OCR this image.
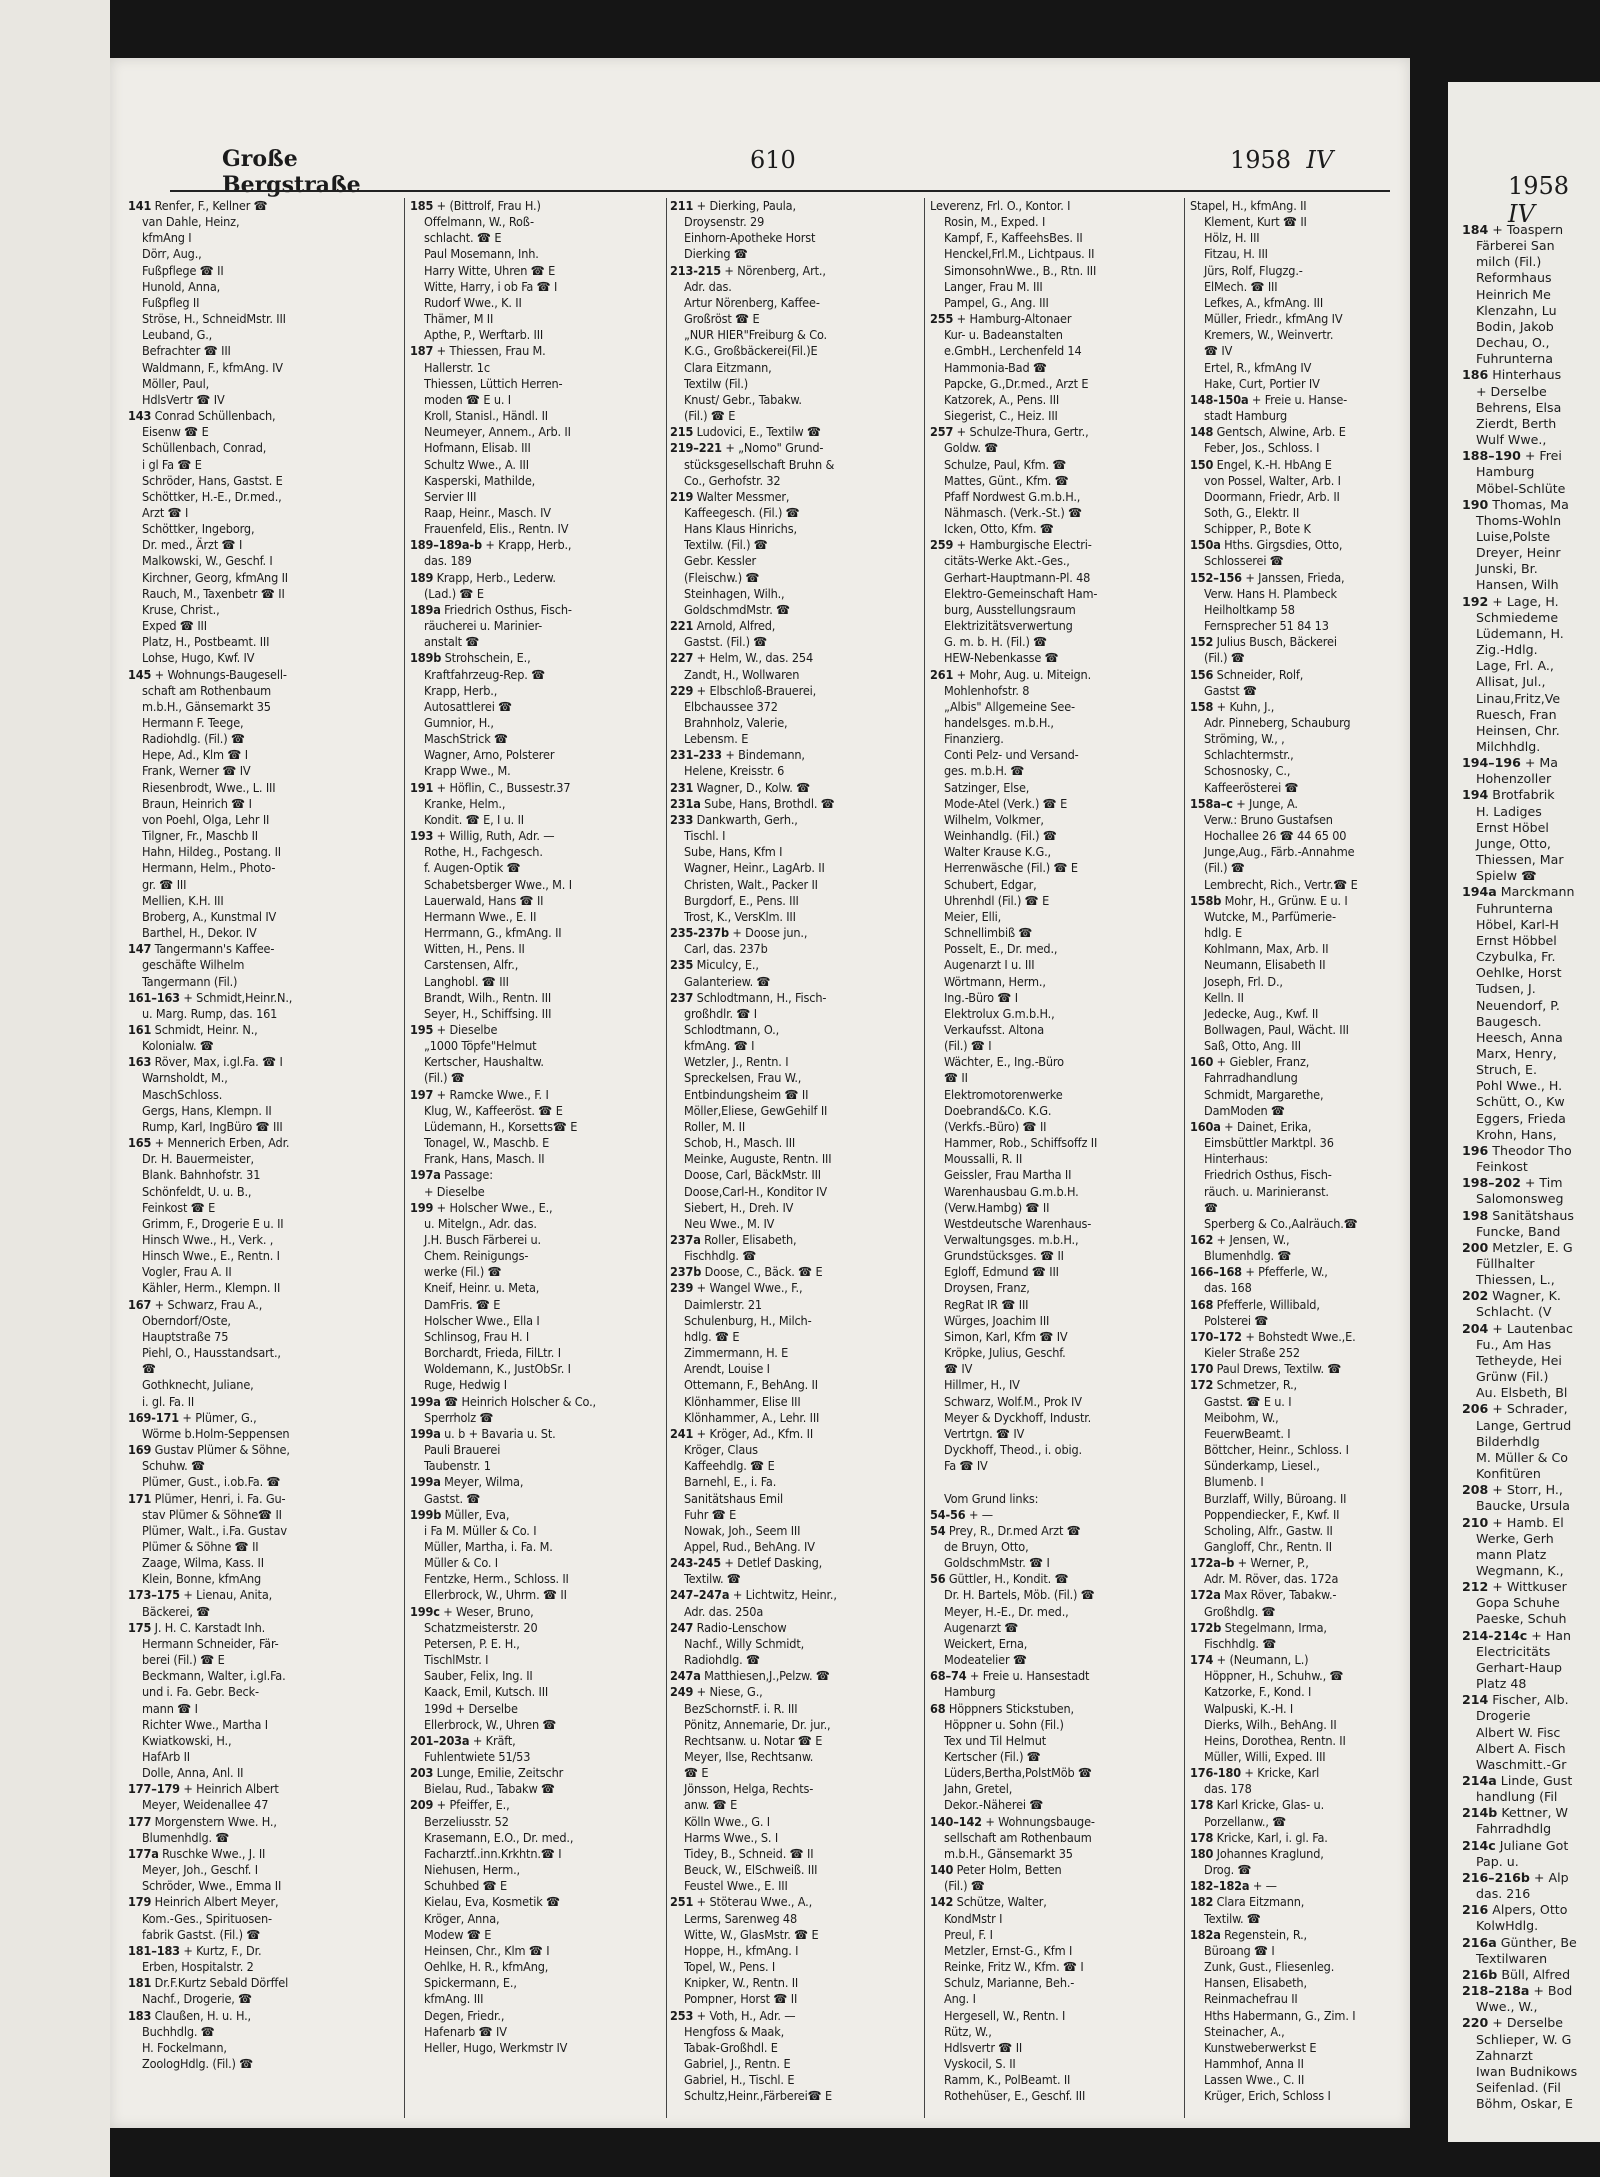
Große Bergstraße
610	1958 IV
141 Renfer, F., Kellner ☎
van Dahle, Heinz,
kfmAng I
Dörr, Aug.,
Fußpflege ☎ II
Hunold, Anna,
Fußpfleg II
Ströse, H., SchneidMstr. III
Leuband, G.,
Befrachter ☎ III
Waldmann, F., kfmAng. IV
Möller, Paul,
HdlsVertr ☎ IV
143 Conrad Schüllenbach,
Eisenw ☎ E
Schüllenbach, Conrad,
i gl Fa ☎ E
Schröder, Hans, Gastst. E
Schöttker, H.-E., Dr.med.,
Arzt ☎ I
Schöttker, Ingeborg,
Dr. med., Ärzt ☎ I
Malkowski, W., Geschf. I
Kirchner, Georg, kfmAng II
Rauch, M., Taxenbetr ☎ II
Kruse, Christ.,
Exped ☎ III
Platz, H., Postbeamt. III
Lohse, Hugo, Kwf. IV
145 + Wohnungs-Baugesell-
schaft am Rothenbaum
m.b.H., Gänsemarkt 35
Hermann F. Teege,
Radiohdlg. (Fil.) ☎
Hepe, Ad., Klm ☎ I
Frank, Werner ☎ IV
Riesenbrodt, Wwe., L. III
Braun, Heinrich ☎ I
von Poehl, Olga, Lehr II
Tilgner, Fr., Maschb II
Hahn, Hildeg., Postang. II
Hermann, Helm., Photo-
gr. ☎ III
Mellien, K.H. III
Broberg, A., Kunstmal IV
Barthel, H., Dekor. IV
147 Tangermann's Kaffee-
geschäfte Wilhelm
Tangermann (Fil.)
161–163 + Schmidt,Heinr.N.,
u. Marg. Rump, das. 161
161 Schmidt, Heinr. N.,
Kolonialw. ☎
163 Röver, Max, i.gl.Fa. ☎ I
Warnsholdt, M.,
MaschSchloss.
Gergs, Hans, Klempn. II
Rump, Karl, IngBüro ☎ III
165 + Mennerich Erben, Adr.
Dr. H. Bauermeister,
Blank. Bahnhofstr. 31
Schönfeldt, U. u. B.,
Feinkost ☎ E
Grimm, F., Drogerie E u. II
Hinsch Wwe., H., Verk. ,
Hinsch Wwe., E., Rentn. I
Vogler, Frau A. II
Kähler, Herm., Klempn. II
167 + Schwarz, Frau A.,
Oberndorf/Oste,
Hauptstraße 75
Piehl, O., Hausstandsart.,
☎
Gothknecht, Juliane,
i. gl. Fa. II
169-171 + Plümer, G.,
Wörme b.Holm-Seppensen
169 Gustav Plümer & Söhne,
Schuhw. ☎
Plümer, Gust., i.ob.Fa. ☎
171 Plümer, Henri, i. Fa. Gu-
stav Plümer & Söhne☎ II
Plümer, Walt., i.Fa. Gustav
Plümer & Söhne ☎ II
Zaage, Wilma, Kass. II
Klein, Bonne, kfmAng
173–175 + Lienau, Anita,
Bäckerei, ☎
175 J. H. C. Karstadt Inh.
Hermann Schneider, Fär-
berei (Fil.) ☎ E
Beckmann, Walter, i.gl.Fa.
und i. Fa. Gebr. Beck-
mann ☎ I
Richter Wwe., Martha I
Kwiatkowski, H.,
HafArb II
Dolle, Anna, Anl. II
177–179 + Heinrich Albert
Meyer, Weidenallee 47
177 Morgenstern Wwe. H.,
Blumenhdlg. ☎
177a Ruschke Wwe., J. II
Meyer, Joh., Geschf. I
Schröder, Wwe., Emma II
179 Heinrich Albert Meyer,
Kom.-Ges., Spirituosen-
fabrik Gastst. (Fil.) ☎
181–183 + Kurtz, F., Dr.
Erben, Hospitalstr. 2
181 Dr.F.Kurtz Sebald Dörffel
Nachf., Drogerie, ☎
183 Claußen, H. u. H.,
Buchhdlg. ☎
H. Fockelmann,
ZoologHdlg. (Fil.) ☎
185 + (Bittrolf, Frau H.)
Offelmann, W., Roß-
schlacht. ☎ E
Paul Mosemann, Inh.
Harry Witte, Uhren ☎ E
Witte, Harry, i ob Fa ☎ I
Rudorf Wwe., K. II
Thämer, M II
Apthe, P., Werftarb. III
187 + Thiessen, Frau M.
Hallerstr. 1c
Thiessen, Lüttich Herren-
moden ☎ E u. I
Kroll, Stanisl., Händl. II
Neumeyer, Annem., Arb. II
Hofmann, Elisab. III
Schultz Wwe., A. III
Kasperski, Mathilde,
Servier III
Raap, Heinr., Masch. IV
Frauenfeld, Elis., Rentn. IV
189–189a-b + Krapp, Herb.,
das. 189
189 Krapp, Herb., Lederw.
(Lad.) ☎ E
189a Friedrich Osthus, Fisch-
räucherei u. Marinier-
anstalt ☎
189b Strohschein, E.,
Kraftfahrzeug-Rep. ☎
Krapp, Herb.,
Autosattlerei ☎
Gumnior, H.,
MaschStrick ☎
Wagner, Arno, Polsterer
Krapp Wwe., M.
191 + Höflin, C., Bussestr.37
Kranke, Helm.,
Kondit. ☎ E, I u. II
193 + Willig, Ruth, Adr. —
Rothe, H., Fachgesch.
f. Augen-Optik ☎
Schabetsberger Wwe., M. I
Lauerwald, Hans ☎ II
Hermann Wwe., E. II
Herrmann, G., kfmAng. II
Witten, H., Pens. II
Carstensen, Alfr.,
Langhobl. ☎ III
Brandt, Wilh., Rentn. III
Seyer, H., Schiffsing. III
195 + Dieselbe
„1000 Töpfe"Helmut
Kertscher, Haushaltw.
(Fil.) ☎
197 + Ramcke Wwe., F. I
Klug, W., Kaffeeröst. ☎ E
Lüdemann, H., Korsetts☎ E
Tonagel, W., Maschb. E
Frank, Hans, Masch. II
197a Passage:
+ Dieselbe
199 + Holscher Wwe., E.,
u. Mitelgn., Adr. das.
J.H. Busch Färberei u.
Chem. Reinigungs-
werke (Fil.) ☎
Kneif, Heinr. u. Meta,
DamFris. ☎ E
Holscher Wwe., Ella I
Schlinsog, Frau H. I
Borchardt, Frieda, FilLtr. I
Woldemann, K., JustObSr. I
Ruge, Hedwig I
199a ☎ Heinrich Holscher & Co.,
Sperrholz ☎
199a u. b + Bavaria u. St.
Pauli Brauerei
Taubenstr. 1
199a Meyer, Wilma,
Gastst. ☎
199b Müller, Eva,
i Fa M. Müller & Co. I
Müller, Martha, i. Fa. M.
Müller & Co. I
Fentzke, Herm., Schloss. II
Ellerbrock, W., Uhrm. ☎ II
199c + Weser, Bruno,
Schatzmeisterstr. 20
Petersen, P. E. H.,
TischlMstr. I
Sauber, Felix, Ing. II
Kaack, Emil, Kutsch. III
199d + Derselbe
Ellerbrock, W., Uhren ☎
201–203a + Kräft,
Fuhlentwiete 51/53
203 Lunge, Emilie, Zeitschr
Bielau, Rud., Tabakw ☎
209 + Pfeiffer, E.,
Berzeliusstr. 52
Krasemann, E.O., Dr. med.,
Facharztf..inn.Krkhtn.☎ I
Niehusen, Herm.,
Schuhbed ☎ E
Kielau, Eva, Kosmetik ☎
Kröger, Anna,
Modew ☎ E
Heinsen, Chr., Klm ☎ I
Oehlke, H. R., kfmAng,
Spickermann, E.,
kfmAng. III
Degen, Friedr.,
Hafenarb ☎ IV
Heller, Hugo, Werkmstr IV
211 + Dierking, Paula,
Droysenstr. 29
Einhorn-Apotheke Horst
Dierking ☎
213-215 + Nörenberg, Art.,
Adr. das.
Artur Nörenberg, Kaffee-
Großröst ☎ E
„NUR HIER"Freiburg & Co.
K.G., Großbäckerei(Fil.)E
Clara Eitzmann,
Textilw (Fil.)
Knust/ Gebr., Tabakw.
(Fil.) ☎ E
215 Ludovici, E., Textilw ☎
219–221 + „Nomo" Grund-
stücksgesellschaft Bruhn &
Co., Gerhofstr. 32
219 Walter Messmer,
Kaffeegesch. (Fil.) ☎
Hans Klaus Hinrichs,
Textilw. (Fil.) ☎
Gebr. Kessler
(Fleischw.) ☎
Steinhagen, Wilh.,
GoldschmdMstr. ☎
221 Arnold, Alfred,
Gastst. (Fil.) ☎
227 + Helm, W., das. 254
Zandt, H., Wollwaren
229 + Elbschloß-Brauerei,
Elbchaussee 372
Brahnholz, Valerie,
Lebensm. E
231–233 + Bindemann,
Helene, Kreisstr. 6
231 Wagner, D., Kolw. ☎
231a Sube, Hans, Brothdl. ☎
233 Dankwarth, Gerh.,
Tischl. I
Sube, Hans, Kfm I
Wagner, Heinr., LagArb. II
Christen, Walt., Packer II
Burgdorf, E., Pens. III
Trost, K., VersKlm. III
235-237b + Doose jun.,
Carl, das. 237b
235 Miculcy, E.,
Galanteriew. ☎
237 Schlodtmann, H., Fisch-
großhdlr. ☎ I
Schlodtmann, O.,
kfmAng. ☎ I
Wetzler, J., Rentn. I
Spreckelsen, Frau W.,
Entbindungsheim ☎ II
Möller,Eliese, GewGehilf II
Roller, M. II
Schob, H., Masch. III
Meinke, Auguste, Rentn. III
Doose, Carl, BäckMstr. III
Doose,Carl-H., Konditor IV
Siebert, H., Dreh. IV
Neu Wwe., M. IV
237a Roller, Elisabeth,
Fischhdlg. ☎
237b Doose, C., Bäck. ☎ E
239 + Wangel Wwe., F.,
Daimlerstr. 21
Schulenburg, H., Milch-
hdlg. ☎ E
Zimmermann, H. E
Arendt, Louise I
Ottemann, F., BehAng. II
Klönhammer, Elise III
Klönhammer, A., Lehr. III
241 + Kröger, Ad., Kfm. II
Kröger, Claus
Kaffeehdlg. ☎ E
Barnehl, E., i. Fa.
Sanitätshaus Emil
Fuhr ☎ E
Nowak, Joh., Seem III
Appel, Rud., BehAng. IV
243-245 + Detlef Dasking,
Textilw. ☎
247–247a + Lichtwitz, Heinr.,
Adr. das. 250a
247 Radio-Lenschow
Nachf., Willy Schmidt,
Radiohdlg. ☎
247a Matthiesen,J.,Pelzw. ☎
249 + Niese, G.,
BezSchornstF. i. R. III
Pönitz, Annemarie, Dr. jur.,
Rechtsanw. u. Notar ☎ E
Meyer, Ilse, Rechtsanw.
☎ E
Jönsson, Helga, Rechts-
anw. ☎ E
Kölln Wwe., G. I
Harms Wwe., S. I
Tidey, B., Schneid. ☎ II
Beuck, W., ElSchweiß. III
Feustel Wwe., E. III
251 + Stöterau Wwe., A.,
Lerms, Sarenweg 48
Witte, W., GlasMstr. ☎ E
Hoppe, H., kfmAng. I
Topel, W., Pens. I
Knipker, W., Rentn. II
Pompner, Horst ☎ II
253 + Voth, H., Adr. —
Hengfoss & Maak,
Tabak-Großhdl. E
Gabriel, J., Rentn. E
Gabriel, H., Tischl. E
Schultz,Heinr.,Färberei☎ E
Leverenz, Frl. O., Kontor. I
Rosin, M., Exped. I
Kampf, F., KaffeehsBes. II
Henckel,Frl.M., Lichtpaus. II
SimonsohnWwe., B., Rtn. III
Langer, Frau M. III
Pampel, G., Ang. III
255 + Hamburg-Altonaer
Kur- u. Badeanstalten
e.GmbH., Lerchenfeld 14
Hammonia-Bad ☎
Papcke, G.,Dr.med., Arzt E
Katzorek, A., Pens. III
Siegerist, C., Heiz. III
257 + Schulze-Thura, Gertr.,
Goldw. ☎
Schulze, Paul, Kfm. ☎
Mattes, Günt., Kfm. ☎
Pfaff Nordwest G.m.b.H.,
Nähmasch. (Verk.-St.) ☎
Icken, Otto, Kfm. ☎
259 + Hamburgische Electri-
citäts-Werke Akt.-Ges.,
Gerhart-Hauptmann-Pl. 48
Elektro-Gemeinschaft Ham-
burg, Ausstellungsraum
Elektrizitätsverwertung
G. m. b. H. (Fil.) ☎
HEW-Nebenkasse ☎
261 + Mohr, Aug. u. Miteign.
Mohlenhofstr. 8
„Albis" Allgemeine See-
handelsges. m.b.H.,
Finanzierg.
Conti Pelz- und Versand-
ges. m.b.H. ☎
Satzinger, Else,
Mode-Atel (Verk.) ☎ E
Wilhelm, Volkmer,
Weinhandlg. (Fil.) ☎
Walter Krause K.G.,
Herrenwäsche (Fil.) ☎ E
Schubert, Edgar,
Uhrenhdl (Fil.) ☎ E
Meier, Elli,
Schnellimbiß ☎
Posselt, E., Dr. med.,
Augenarzt I u. III
Wörtmann, Herm.,
Ing.-Büro ☎ I
Elektrolux G.m.b.H.,
Verkaufsst. Altona
(Fil.) ☎ I
Wächter, E., Ing.-Büro
☎ II
Elektromotorenwerke
Doebrand&Co. K.G.
(Verkfs.-Büro) ☎ II
Hammer, Rob., Schiffsoffz II
Moussalli, R. II
Geissler, Frau Martha II
Warenhausbau G.m.b.H.
(Verw.Hambg) ☎ II
Westdeutsche Warenhaus-
Verwaltungsges. m.b.H.,
Grundstücksges. ☎ II
Egloff, Edmund ☎ III
Droysen, Franz,
RegRat IR ☎ III
Würges, Joachim III
Simon, Karl, Kfm ☎ IV
Kröpke, Julius, Geschf.
☎ IV
Hillmer, H., IV
Schwarz, Wolf.M., Prok IV
Meyer & Dyckhoff, Industr.
Vertrtgn. ☎ IV
Dyckhoff, Theod., i. obig.
Fa ☎ IV

Vom Grund links:
54-56 + —
54 Prey, R., Dr.med Arzt ☎
de Bruyn, Otto,
GoldschmMstr. ☎ I
56 Güttler, H., Kondit. ☎
Dr. H. Bartels, Möb. (Fil.) ☎
Meyer, H.-E., Dr. med.,
Augenarzt ☎
Weickert, Erna,
Modeatelier ☎
68–74 + Freie u. Hansestadt
Hamburg
68 Höppners Stickstuben,
Höppner u. Sohn (Fil.)
Tex und Til Helmut
Kertscher (Fil.) ☎
Lüders,Bertha,PolstMöb ☎
Jahn, Gretel,
Dekor.-Näherei ☎
140–142 + Wohnungsbauge-
sellschaft am Rothenbaum
m.b.H., Gänsemarkt 35
140 Peter Holm, Betten
(Fil.) ☎
142 Schütze, Walter,
KondMstr I
Preul, F. I
Metzler, Ernst-G., Kfm I
Reinke, Fritz W., Kfm. ☎ I
Schulz, Marianne, Beh.-
Ang. I
Hergesell, W., Rentn. I
Rütz, W.,
Hdlsvertr ☎ II
Vyskocil, S. II
Ramm, K., PolBeamt. II
Rothehüser, E., Geschf. III
Stapel, H., kfmAng. II
Klement, Kurt ☎ II
Hölz, H. III
Fitzau, H. III
Jürs, Rolf, Flugzg.-
ElMech. ☎ III
Lefkes, A., kfmAng. III
Müller, Friedr., kfmAng IV
Kremers, W., Weinvertr.
☎ IV
Ertel, R., kfmAng IV
Hake, Curt, Portier IV
148-150a + Freie u. Hanse-
stadt Hamburg
148 Gentsch, Alwine, Arb. E
Feber, Jos., Schloss. I
150 Engel, K.-H. HbAng E
von Possel, Walter, Arb. I
Doormann, Friedr, Arb. II
Soth, G., Elektr. II
Schipper, P., Bote K
150a Hths. Girgsdies, Otto,
Schlosserei ☎
152–156 + Janssen, Frieda,
Verw. Hans H. Plambeck
Heilholtkamp 58
Fernsprecher 51 84 13
152 Julius Busch, Bäckerei
(Fil.) ☎
156 Schneider, Rolf,
Gastst ☎
158 + Kuhn, J.,
Adr. Pinneberg, Schauburg
Ströming, W., ,
Schlachtermstr.,
Schosnosky, C.,
Kaffeerösterei ☎
158a–c + Junge, A.
Verw.: Bruno Gustafsen
Hochallee 26 ☎ 44 65 00
Junge,Aug., Färb.-Annahme
(Fil.) ☎
Lembrecht, Rich., Vertr.☎ E
158b Mohr, H., Grünw. E u. I
Wutcke, M., Parfümerie-
hdlg. E
Kohlmann, Max, Arb. II
Neumann, Elisabeth II
Joseph, Frl. D.,
Kelln. II
Jedecke, Aug., Kwf. II
Bollwagen, Paul, Wächt. III
Saß, Otto, Ang. III
160 + Giebler, Franz,
Fahrradhandlung
Schmidt, Margarethe,
DamModen ☎
160a + Dainet, Erika,
Eimsbüttler Marktpl. 36
Hinterhaus:
Friedrich Osthus, Fisch-
räuch. u. Marinieranst.
☎
Sperberg & Co.,Aalräuch.☎
162 + Jensen, W.,
Blumenhdlg. ☎
166–168 + Pfefferle, W.,
das. 168
168 Pfefferle, Willibald,
Polsterei ☎
170–172 + Bohstedt Wwe.,E.
Kieler Straße 252
170 Paul Drews, Textilw. ☎
172 Schmetzer, R.,
Gastst. ☎ E u. I
Meibohm, W.,
FeuerwBeamt. I
Böttcher, Heinr., Schloss. I
Sünderkamp, Liesel.,
Blumenb. I
Burzlaff, Willy, Büroang. II
Poppendiecker, F., Kwf. II
Scholing, Alfr., Gastw. II
Gangloff, Chr., Rentn. II
172a–b + Werner, P.,
Adr. M. Röver, das. 172a
172a Max Röver, Tabakw.-
Großhdlg. ☎
172b Stegelmann, Irma,
Fischhdlg. ☎
174 + (Neumann, L.)
Höppner, H., Schuhw., ☎
Katzorke, F., Kond. I
Walpuski, K.-H. I
Dierks, Wilh., BehAng. II
Heins, Dorothea, Rentn. II
Müller, Willi, Exped. III
176-180 + Kricke, Karl
das. 178
178 Karl Kricke, Glas- u.
Porzellanw., ☎
178 Kricke, Karl, i. gl. Fa.
180 Johannes Kraglund,
Drog. ☎
182–182a + —
182 Clara Eitzmann,
Textilw. ☎
182a Regenstein, R.,
Büroang ☎ I
Zunk, Gust., Fliesenleg.
Hansen, Elisabeth,
Reinmachefrau II
Hths Habermann, G., Zim. I
Steinacher, A.,
Kunstweberwerkst E
Hammhof, Anna II
Lassen Wwe., C. II
Krüger, Erich, Schloss I
1958 IV
184 + Toaspern
Färberei San
milch (Fil.)
Reformhaus
Heinrich Me
Klenzahn, Lu
Bodin, Jakob
Dechau, O.,
Fuhrunterna
186 Hinterhaus
+ Derselbe
Behrens, Elsa
Zierdt, Berth
Wulf Wwe.,
188–190 + Frei
Hamburg
Möbel-Schlüte
190 Thomas, Ma
Thoms-Wohln
Luise,Polste
Dreyer, Heinr
Junski, Br.
Hansen, Wilh
192 + Lage, H.
Schmiedeme
Lüdemann, H.
Zig.-Hdlg.
Lage, Frl. A.,
Allisat, Jul.,
Linau,Fritz,Ve
Ruesch, Fran
Heinsen, Chr.
Milchhdlg.
194–196 + Ma
Hohenzoller
194 Brotfabrik
H. Ladiges
Ernst Höbel
Junge, Otto,
Thiessen, Mar
Spielw ☎
194a Marckmann
Fuhrunterna
Höbel, Karl-H
Ernst Höbbel
Czybulka, Fr.
Oehlke, Horst
Tudsen, J.
Neuendorf, P.
Baugesch.
Heesch, Anna
Marx, Henry,
Struch, E.
Pohl Wwe., H.
Schütt, O., Kw
Eggers, Frieda
Krohn, Hans,
196 Theodor Tho
Feinkost
198–202 + Tim
Salomonsweg
198 Sanitätshaus
Funcke, Band
200 Metzler, E. G
Füllhalter
Thiessen, L.,
202 Wagner, K.
Schlacht. (V
204 + Lautenbac
Fu., Am Has
Tetheyde, Hei
Grünw (Fil.)
Au. Elsbeth, Bl
206 + Schrader,
Lange, Gertrud
Bilderhdlg
M. Müller & Co
Konfitüren
208 + Storr, H.,
Baucke, Ursula
210 + Hamb. El
Werke, Gerh
mann Platz
Wegmann, K.,
212 + Wittkuser
Gopa Schuhe
Paeske, Schuh
214-214c + Han
Electricitäts
Gerhart-Haup
Platz 48
214 Fischer, Alb.
Drogerie
Albert W. Fisc
Albert A. Fisch
Waschmitt.-Gr
214a Linde, Gust
handlung (Fil
214b Kettner, W
Fahrradhdlg
214c Juliane Got
Pap. u.
216–216b + Alp
das. 216
216 Alpers, Otto
KolwHdlg.
216a Günther, Be
Textilwaren
216b Büll, Alfred
218–218a + Bod
Wwe., W.,
220 + Derselbe
Schlieper, W. G
Zahnarzt
Iwan Budnikows
Seifenlad. (Fil
Böhm, Oskar, E
